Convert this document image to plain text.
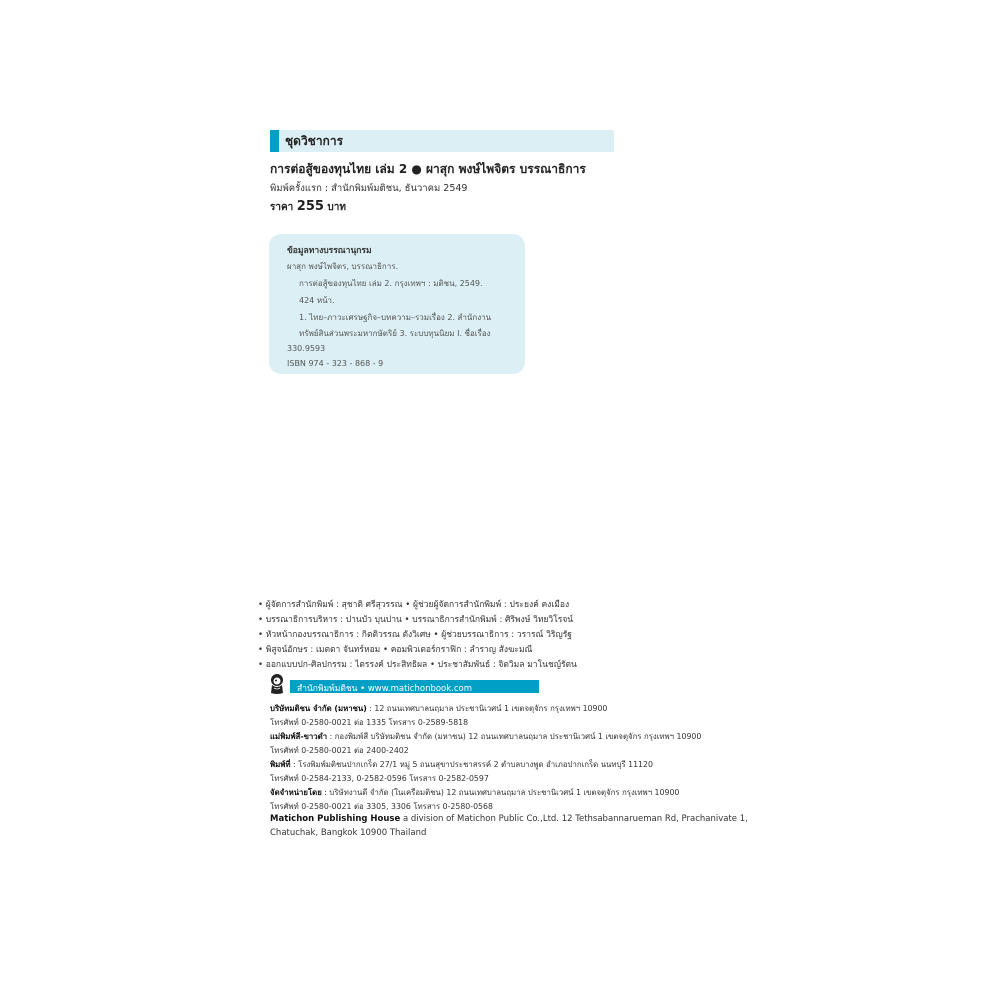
ชุดวิชาการ
การต่อสู้ของทุนไทย เล่ม 2 ● ผาสุก พงษ์ไพจิตร บรรณาธิการ
พิมพ์ครั้งแรก : สำนักพิมพ์มติชน, ธันวาคม 2549
ราคา 255 บาท
ข้อมูลทางบรรณานุกรม
ผาสุก พงษ์ไพจิตร, บรรณาธิการ.
การต่อสู้ของทุนไทย เล่ม 2. กรุงเทพฯ : มติชน, 2549.
424 หน้า.
1. ไทย–ภาวะเศรษฐกิจ–บทความ–รวมเรื่อง 2. สำนักงาน
ทรัพย์สินส่วนพระมหากษัตริย์ 3. ระบบทุนนิยม I. ชื่อเรื่อง
330.9593
ISBN 974 - 323 - 868 - 9
• ผู้จัดการสำนักพิมพ์ : สุชาติ ศรีสุวรรณ • ผู้ช่วยผู้จัดการสำนักพิมพ์ : ประยงค์ คงเมือง
• บรรณาธิการบริหาร : ปานบัว บุนปาน • บรรณาธิการสำนักพิมพ์ : ศิริพงษ์ วิทยวิโรจน์
• หัวหน้ากองบรรณาธิการ : กิตติวรรณ ตังวิเศษ • ผู้ช่วยบรรณาธิการ : วรารณ์ วิริญรัฐ
• พิสูจน์อักษร : เมตตา จันทร์หอม • คอมพิวเตอร์กราฟิก : ลำราญ สังฆะมณี
• ออกแบบปก-ศิลปกรรม : ไตรรงค์ ประสิทธิผล • ประชาสัมพันธ์ : จิตวิมล มาโนชญ์รัตน
สำนักพิมพ์มติชน • www.matichonbook.com
บริษัทมติชน จำกัด (มหาชน) : 12 ถนนเทศบาลนฤมาล ประชานิเวศน์ 1 เขตจตุจักร กรุงเทพฯ 10900
โทรศัพท์ 0-2580-0021 ต่อ 1335 โทรสาร 0-2589-5818
แม่พิมพ์สี-ขาวดำ : กองพิมพ์สี บริษัทมติชน จำกัด (มหาชน) 12 ถนนเทศบาลนฤมาล ประชานิเวศน์ 1 เขตจตุจักร กรุงเทพฯ 10900
โทรศัพท์ 0-2580-0021 ต่อ 2400-2402
พิมพ์ที่ : โรงพิมพ์มติชนปากเกร็ด 27/1 หมู่ 5 ถนนสุขาประชาสรรค์ 2 ตำบลบางพูด อำเภอปากเกร็ด นนทบุรี 11120
โทรศัพท์ 0-2584-2133, 0-2582-0596 โทรสาร 0-2582-0597
จัดจำหน่ายโดย : บริษัทงานดี จำกัด (ในเครือมติชน) 12 ถนนเทศบาลนฤมาล ประชานิเวศน์ 1 เขตจตุจักร กรุงเทพฯ 10900
โทรศัพท์ 0-2580-0021 ต่อ 3305, 3306 โทรสาร 0-2580-0568
Matichon Publishing House a division of Matichon Public Co.,Ltd. 12 Tethsabannarueman Rd, Prachanivate 1,
Chatuchak, Bangkok 10900 Thailand
